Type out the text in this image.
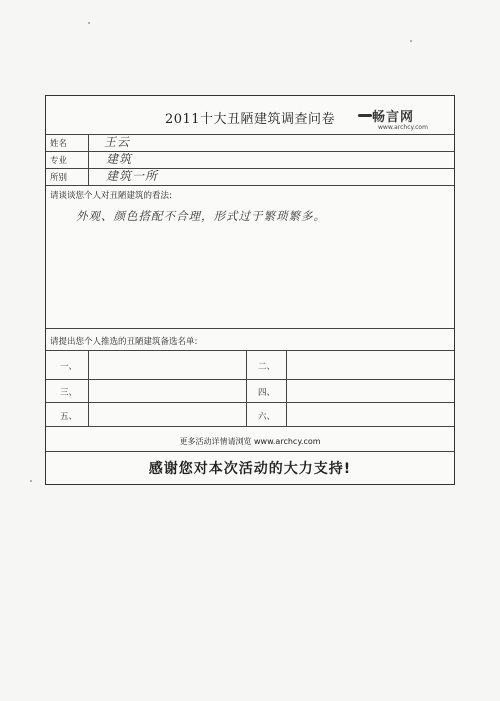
2011十大丑陋建筑调查问卷	畅言网
www.archcy.com
姓名	王云
专业	建筑
所别	建筑一所
请谈谈您个人对丑陋建筑的看法:
外观、颜色搭配不合理，形式过于繁琐繁多。
请提出您个人推选的丑陋建筑备选名单:
一、	二、
三、	四、
五、	六、
更多活动详情请浏览 www.archcy.com
感谢您对本次活动的大力支持!
